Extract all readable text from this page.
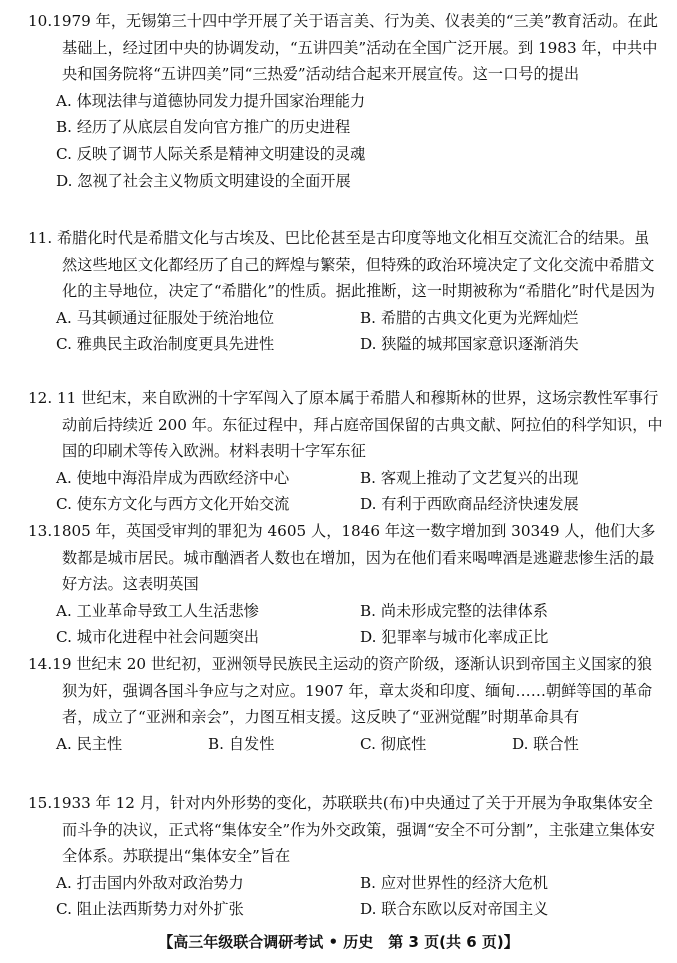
10.1979 年，无锡第三十四中学开展了关于语言美、行为美、仪表美的“三美”教育活动。在此基础上，经过团中央的协调发动，“五讲四美”活动在全国广泛开展。到 1983 年，中共中央和国务院将“五讲四美”同“三热爱”活动结合起来开展宣传。这一口号的提出

A. 体现法律与道德协同发力提升国家治理能力
B. 经历了从底层自发向官方推广的历史进程
C. 反映了调节人际关系是精神文明建设的灵魂
D. 忽视了社会主义物质文明建设的全面开展

11. 希腊化时代是希腊文化与古埃及、巴比伦甚至是古印度等地文化相互交流汇合的结果。虽然这些地区文化都经历了自己的辉煌与繁荣，但特殊的政治环境决定了文化交流中希腊文化的主导地位，决定了“希腊化”的性质。据此推断，这一时期被称为“希腊化”时代是因为

A. 马其顿通过征服处于统治地位	B. 希腊的古典文化更为光辉灿烂
C. 雅典民主政治制度更具先进性	D. 狭隘的城邦国家意识逐渐消失

12. 11 世纪末，来自欧洲的十字军闯入了原本属于希腊人和穆斯林的世界，这场宗教性军事行动前后持续近 200 年。东征过程中，拜占庭帝国保留的古典文献、阿拉伯的科学知识，中国的印刷术等传入欧洲。材料表明十字军东征

A. 使地中海沿岸成为西欧经济中心	B. 客观上推动了文艺复兴的出现
C. 使东方文化与西方文化开始交流	D. 有利于西欧商品经济快速发展

13.1805 年，英国受审判的罪犯为 4605 人，1846 年这一数字增加到 30349 人，他们大多数都是城市居民。城市酗酒者人数也在增加，因为在他们看来喝啤酒是逃避悲惨生活的最好方法。这表明英国

A. 工业革命导致工人生活悲惨	B. 尚未形成完整的法律体系
C. 城市化进程中社会问题突出	D. 犯罪率与城市化率成正比

14.19 世纪末 20 世纪初，亚洲领导民族民主运动的资产阶级，逐渐认识到帝国主义国家的狼狈为奸，强调各国斗争应与之对应。1907 年，章太炎和印度、缅甸……朝鲜等国的革命者，成立了“亚洲和亲会”，力图互相支援。这反映了“亚洲觉醒”时期革命具有

A. 民主性	B. 自发性	C. 彻底性	D. 联合性

15.1933 年 12 月，针对内外形势的变化，苏联联共(布)中央通过了关于开展为争取集体安全而斗争的决议，正式将“集体安全”作为外交政策，强调“安全不可分割”，主张建立集体安全体系。苏联提出“集体安全”旨在

A. 打击国内外敌对政治势力	B. 应对世界性的经济大危机
C. 阻止法西斯势力对外扩张	D. 联合东欧以反对帝国主义
【高三年级联合调研考试 • 历史　第 3 页(共 6 页)】
